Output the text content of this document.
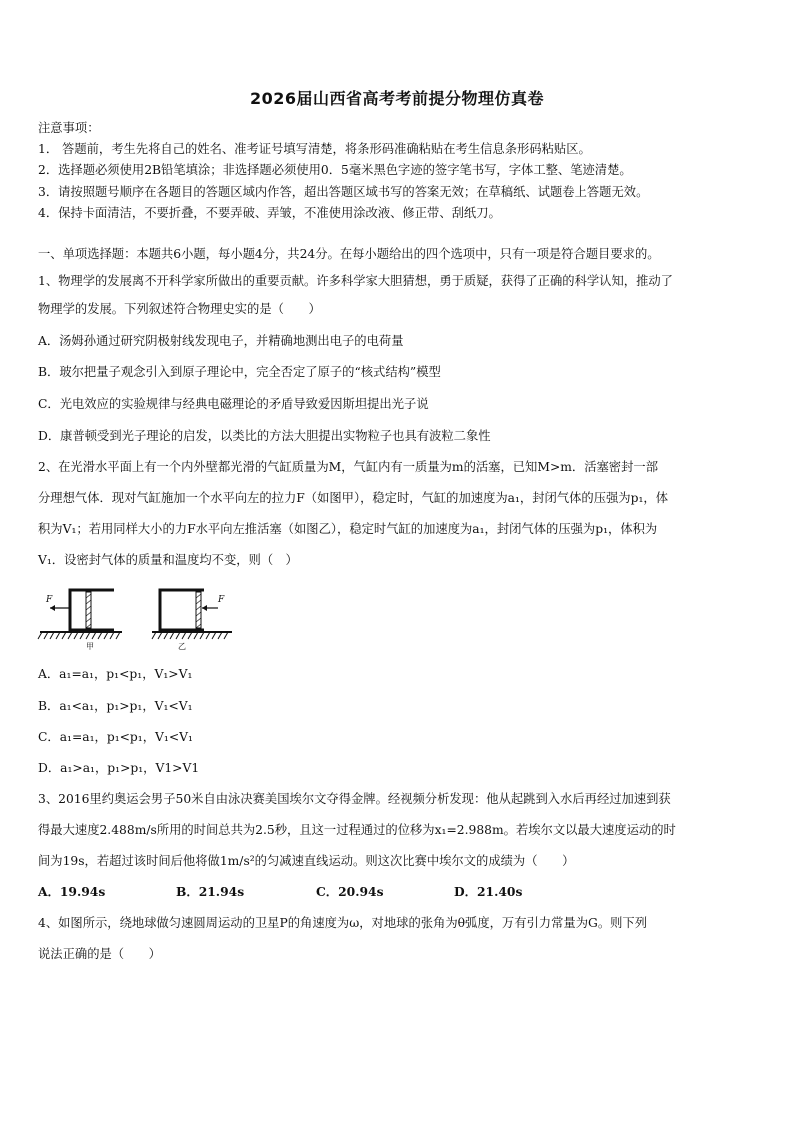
2026届山西省高考考前提分物理仿真卷
注意事项：
1． 答题前，考生先将自己的姓名、准考证号填写清楚，将条形码准确粘贴在考生信息条形码粘贴区。
2．选择题必须使用2B铅笔填涂；非选择题必须使用0．5毫米黑色字迹的签字笔书写，字体工整、笔迹清楚。
3．请按照题号顺序在各题目的答题区域内作答，超出答题区域书写的答案无效；在草稿纸、试题卷上答题无效。
4．保持卡面清洁，不要折叠，不要弄破、弄皱，不准使用涂改液、修正带、刮纸刀。
一、单项选择题：本题共6小题，每小题4分，共24分。在每小题给出的四个选项中，只有一项是符合题目要求的。
1、物理学的发展离不开科学家所做出的重要贡献。许多科学家大胆猜想，勇于质疑，获得了正确的科学认知，推动了
物理学的发展。下列叙述符合物理史实的是（　　）
A．汤姆孙通过研究阴极射线发现电子，并精确地测出电子的电荷量
B．玻尔把量子观念引入到原子理论中，完全否定了原子的“核式结构”模型
C．光电效应的实验规律与经典电磁理论的矛盾导致爱因斯坦提出光子说
D．康普顿受到光子理论的启发，以类比的方法大胆提出实物粒子也具有波粒二象性
2、在光滑水平面上有一个内外壁都光滑的气缸质量为M，气缸内有一质量为m的活塞，已知M>m．活塞密封一部
分理想气体．现对气缸施加一个水平向左的拉力F（如图甲），稳定时，气缸的加速度为a₁，封闭气体的压强为p₁，体
积为V₁；若用同样大小的力F水平向左推活塞（如图乙），稳定时气缸的加速度为a₁，封闭气体的压强为p₁，体积为
V₁．设密封气体的质量和温度均不变，则（　）
F
甲
F
乙
A．a₁=a₁，p₁<p₁，V₁>V₁
B．a₁<a₁，p₁>p₁，V₁<V₁
C．a₁=a₁，p₁<p₁，V₁<V₁
D．a₁>a₁，p₁>p₁，V1>V1
3、2016里约奥运会男子50米自由泳决赛美国埃尔文夺得金牌。经视频分析发现：他从起跳到入水后再经过加速到获
得最大速度2.488m/s所用的时间总共为2.5秒，且这一过程通过的位移为x₁=2.988m。若埃尔文以最大速度运动的时
间为19s，若超过该时间后他将做1m/s²的匀减速直线运动。则这次比赛中埃尔文的成绩为（　　）
A．19.94s	B．21.94s	C．20.94s	D．21.40s
4、如图所示，绕地球做匀速圆周运动的卫星P的角速度为ω，对地球的张角为θ弧度，万有引力常量为G。则下列
说法正确的是（　　）
